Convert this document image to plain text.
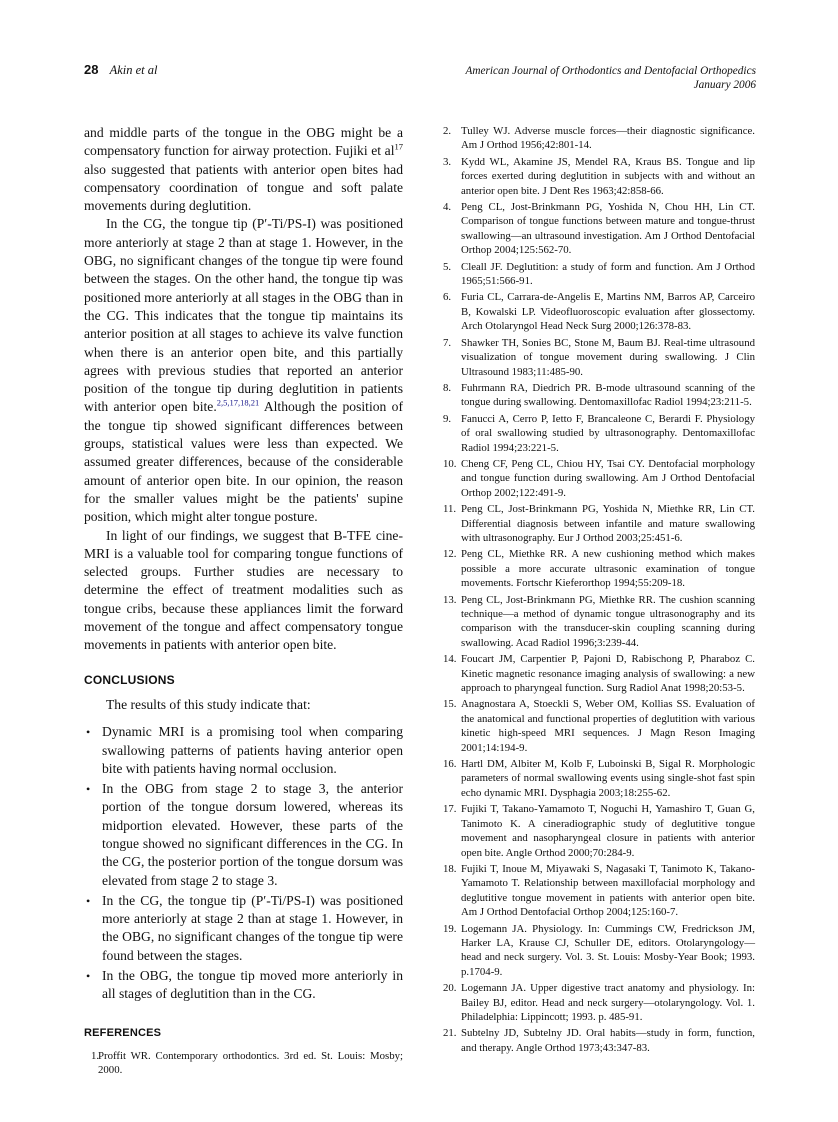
28 Akin et al	American Journal of Orthodontics and Dentofacial Orthopedics
January 2006

and middle parts of the tongue in the OBG might be a compensatory function for airway protection. Fujiki et $al^{17}$ also suggested that patients with anterior open bites had compensatory coordination of tongue and soft palate movements during deglutition.

In the CG, the tongue tip (P′-Ti/PS-I) was positioned more anteriorly at stage 2 than at stage 1. However, in the OBG, no significant changes of the tongue tip were found between the stages. On the other hand, the tongue tip was positioned more anteriorly at all stages in the OBG than in the CG. This indicates that the tongue tip maintains its anterior position at all stages to achieve its valve function when there is an anterior open bite, and this partially agrees with previous studies that reported an anterior position of the tongue tip during deglutition in patients with anterior open bite.$^{2,5,17,18,21}$ Although the position of the tongue tip showed significant differences between groups, statistical values were less than expected. We assumed greater differences, because of the considerable amount of anterior open bite. In our opinion, the reason for the smaller values might be the patients' supine position, which might alter tongue posture.

In light of our findings, we suggest that B-TFE cine-MRI is a valuable tool for comparing tongue functions of selected groups. Further studies are necessary to determine the effect of treatment modalities such as tongue cribs, because these appliances limit the forward movement of the tongue and affect compensatory tongue movements in patients with anterior open bite.

CONCLUSIONS

The results of this study indicate that:

• Dynamic MRI is a promising tool when comparing swallowing patterns of patients having anterior open bite with patients having normal occlusion.
• In the OBG from stage 2 to stage 3, the anterior portion of the tongue dorsum lowered, whereas its midportion elevated. However, these parts of the tongue showed no significant differences in the CG. In the CG, the posterior portion of the tongue dorsum was elevated from stage 2 to stage 3.
• In the CG, the tongue tip (P′-Ti/PS-I) was positioned more anteriorly at stage 2 than at stage 1. However, in the OBG, no significant changes of the tongue tip were found between the stages.
• In the OBG, the tongue tip moved more anteriorly in all stages of deglutition than in the CG.
REFERENCES
1.
Proffit WR. Contemporary orthodontics. 3rd ed. St. Louis: Mosby; 2000.
2. Tulley WJ. Adverse muscle forces—their diagnostic significance. Am J Orthod 1956;42:801-14.
3. Kydd WL, Akamine JS, Mendel RA, Kraus BS. Tongue and lip forces exerted during deglutition in subjects with and without an anterior open bite. J Dent Res 1963;42:858-66.
4. Peng CL, Jost-Brinkmann PG, Yoshida N, Chou HH, Lin CT. Comparison of tongue functions between mature and tongue-thrust swallowing—an ultrasound investigation. Am J Orthod Dentofacial Orthop 2004;125:562-70.
5. Cleall JF. Deglutition: a study of form and function. Am J Orthod 1965;51:566-91.
6. Furia CL, Carrara-de-Angelis E, Martins NM, Barros AP, Carceiro B, Kowalski LP. Videofluoroscopic evaluation after glossectomy. Arch Otolaryngol Head Neck Surg 2000;126:378-83.
7. Shawker TH, Sonies BC, Stone M, Baum BJ. Real-time ultrasound visualization of tongue movement during swallowing. J Clin Ultrasound 1983;11:485-90.
8. Fuhrmann RA, Diedrich PR. B-mode ultrasound scanning of the tongue during swallowing. Dentomaxillofac Radiol 1994;23:211-5.
9. Fanucci A, Cerro P, Ietto F, Brancaleone C, Berardi F. Physiology of oral swallowing studied by ultrasonography. Dentomaxillofac Radiol 1994;23:221-5.
10. Cheng CF, Peng CL, Chiou HY, Tsai CY. Dentofacial morphology and tongue function during swallowing. Am J Orthod Dentofacial Orthop 2002;122:491-9.
11. Peng CL, Jost-Brinkmann PG, Yoshida N, Miethke RR, Lin CT. Differential diagnosis between infantile and mature swallowing with ultrasonography. Eur J Orthod 2003;25:451-6.
12. Peng CL, Miethke RR. A new cushioning method which makes possible a more accurate ultrasonic examination of tongue movements. Fortschr Kieferorthop 1994;55:209-18.
13. Peng CL, Jost-Brinkmann PG, Miethke RR. The cushion scanning technique—a method of dynamic tongue ultrasonography and its comparison with the transducer-skin coupling scanning during swallowing. Acad Radiol 1996;3:239-44.
14. Foucart JM, Carpentier P, Pajoni D, Rabischong P, Pharaboz C. Kinetic magnetic resonance imaging analysis of swallowing: a new approach to pharyngeal function. Surg Radiol Anat 1998;20:53-5.
15. Anagnostara A, Stoeckli S, Weber OM, Kollias SS. Evaluation of the anatomical and functional properties of deglutition with various kinetic high-speed MRI sequences. J Magn Reson Imaging 2001;14:194-9.
16. Hartl DM, Albiter M, Kolb F, Luboinski B, Sigal R. Morphologic parameters of normal swallowing events using single-shot fast spin echo dynamic MRI. Dysphagia 2003;18:255-62.
17. Fujiki T, Takano-Yamamoto T, Noguchi H, Yamashiro T, Guan G, Tanimoto K. A cineradiographic study of deglutitive tongue movement and nasopharyngeal closure in patients with anterior open bite. Angle Orthod 2000;70:284-9.
18. Fujiki T, Inoue M, Miyawaki S, Nagasaki T, Tanimoto K, Takano-Yamamoto T. Relationship between maxillofacial morphology and deglutitive tongue movement in patients with anterior open bite. Am J Orthod Dentofacial Orthop 2004;125:160-7.
19. Logemann JA. Physiology. In: Cummings CW, Fredrickson JM, Harker LA, Krause CJ, Schuller DE, editors. Otolaryngology—head and neck surgery. Vol. 3. St. Louis: Mosby-Year Book; 1993. p.1704-9.
20. Logemann JA. Upper digestive tract anatomy and physiology. In: Bailey BJ, editor. Head and neck surgery—otolaryngology. Vol. 1. Philadelphia: Lippincott; 1993. p. 485-91.
21. Subtelny JD, Subtelny JD. Oral habits—study in form, function, and therapy. Angle Orthod 1973;43:347-83.
